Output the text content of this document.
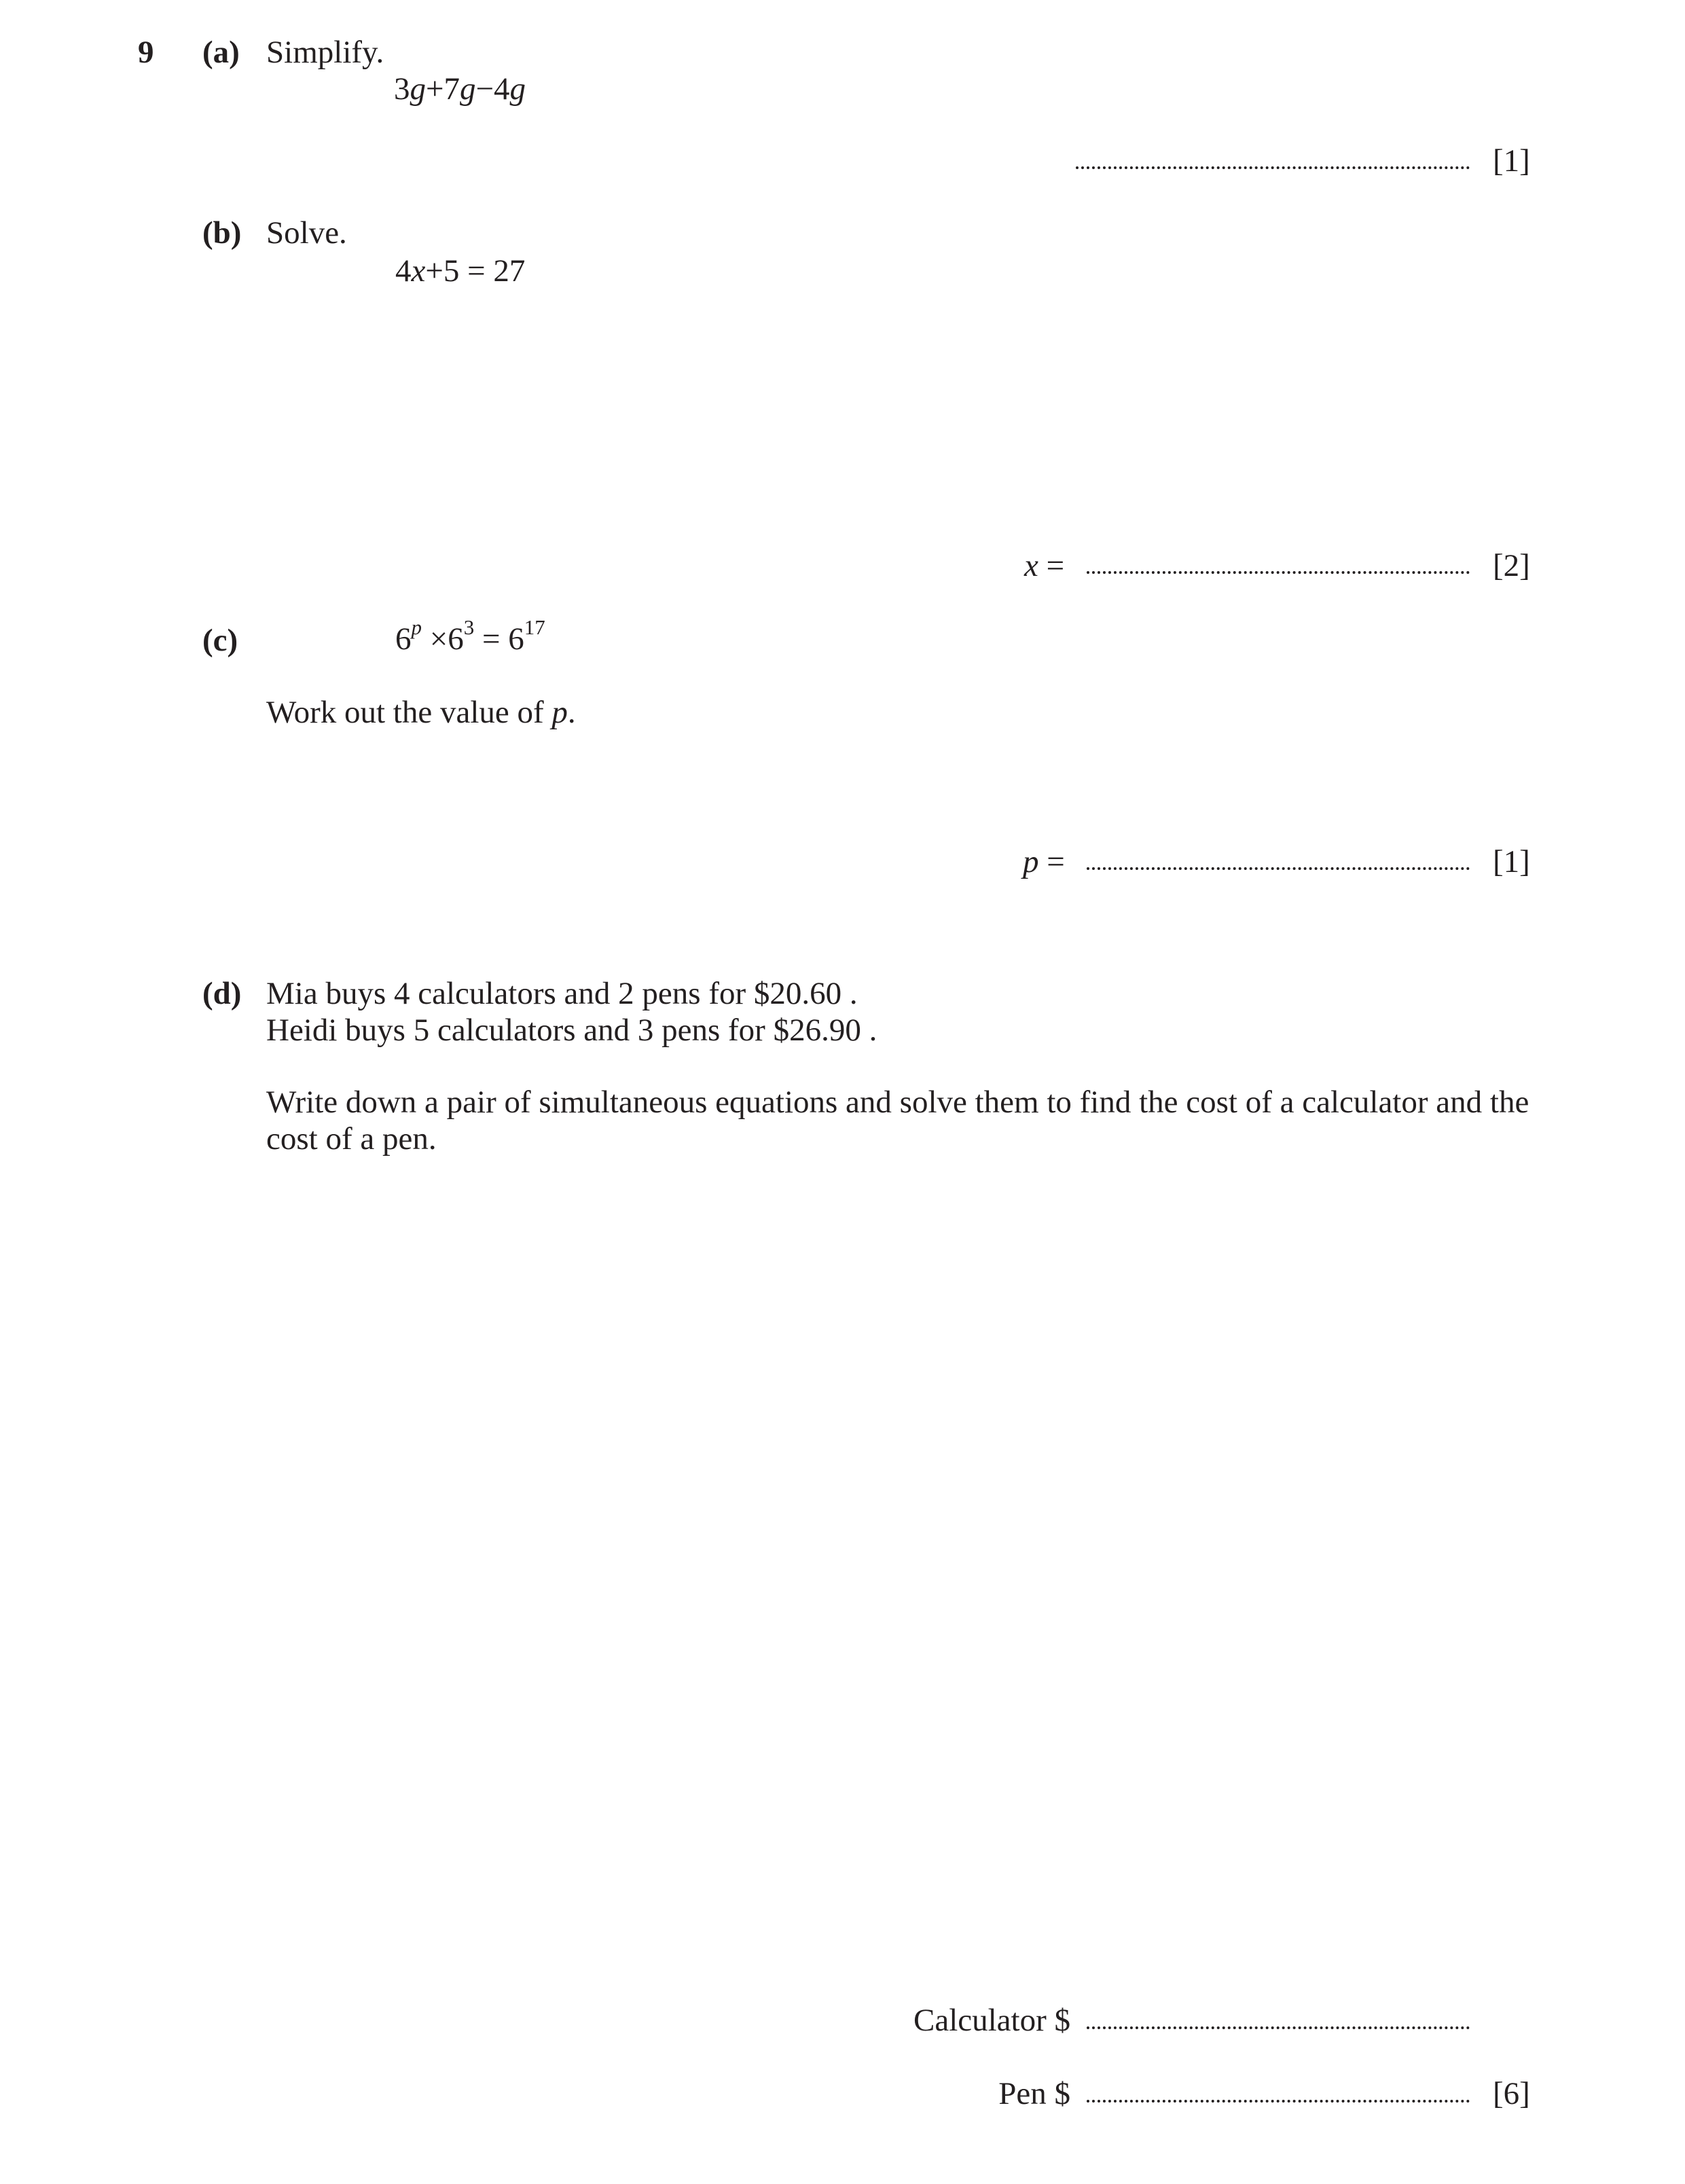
9 (a) Simplify.
3g+7g−4g
[1]
(b) Solve.
4x+5 = 27
x =	[2]
(c)	$6^p \times 6^3 = 6^{17}$
Work out the value of p.
p =	[1]
(d) Mia buys 4 calculators and 2 pens for $20.60 .
Heidi buys 5 calculators and 3 pens for $26.90 .
Write down a pair of simultaneous equations and solve them to find the cost of a calculator and the
cost of a pen.
Calculator $
Pen $	[6]
